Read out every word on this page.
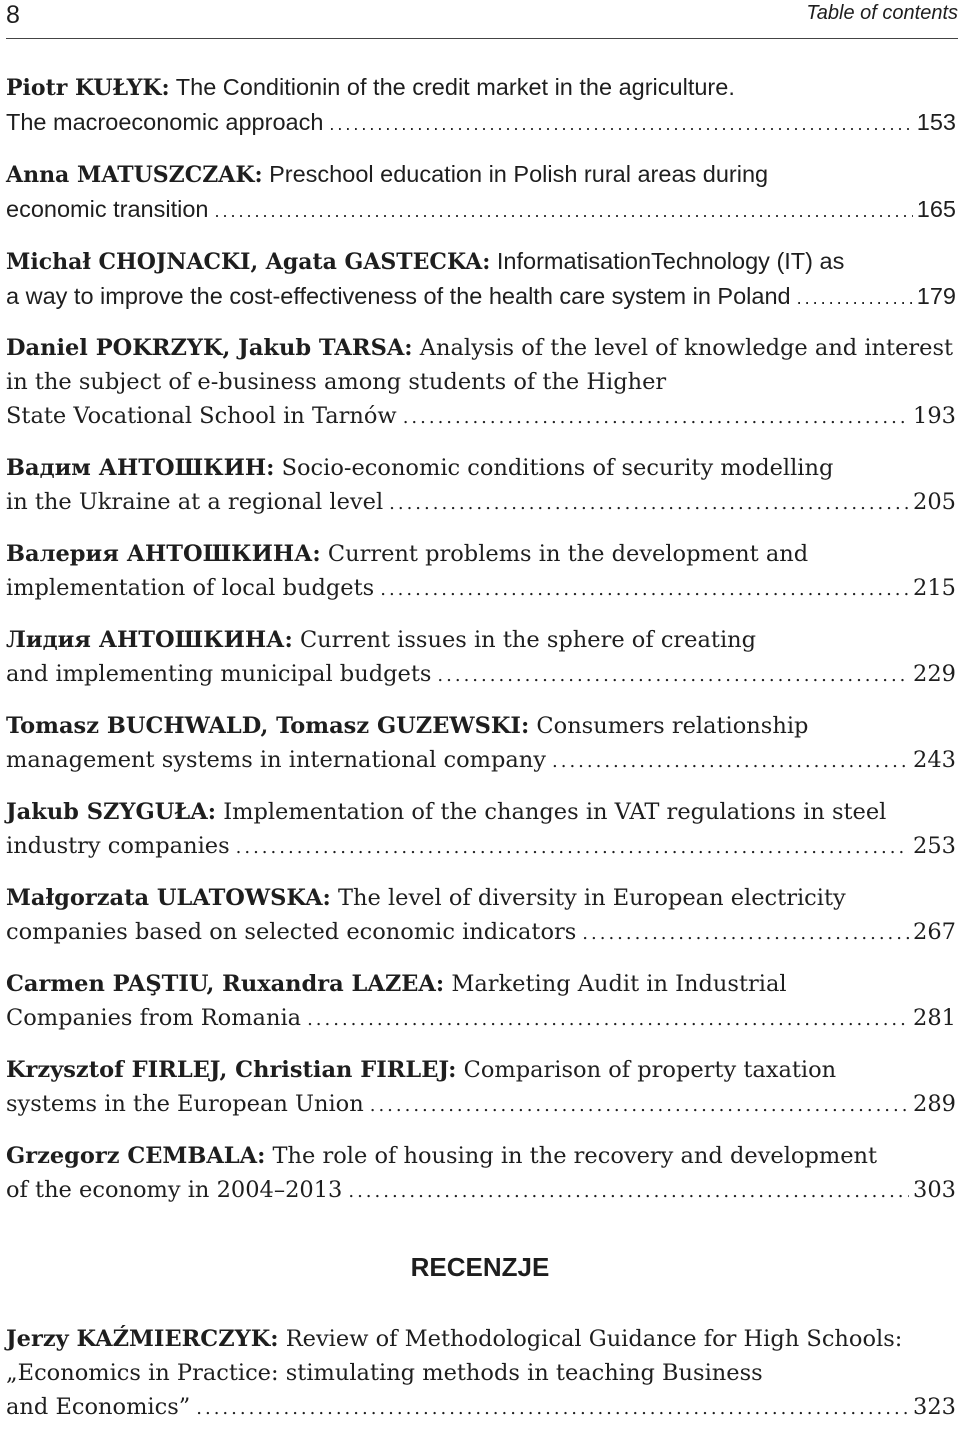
8	Table of contents
Piotr KUŁYK: The Conditionin of the credit market in the agriculture.
The macroeconomic approach .....	153
Anna MATUSZCZAK: Preschool education in Polish rural areas during
economic transition .....	165
Michał CHOJNACKI, Agata GASTECKA: InformatisationTechnology (IT) as
a way to improve the cost-effectiveness of the health care system in Poland .....	179
Daniel POKRZYK, Jakub TARSA: Analysis of the level of knowledge and interest in the subject of e-business among students of the Higher
State Vocational School in Tarnów .....	193
Вадим АНТОШКИН: Socio-economic conditions of security modelling
in the Ukraine at a regional level .....	205
Валерия АНТОШКИНА: Current problems in the development and
implementation of local budgets .....	215
Лидия АНТОШКИНА: Current issues in the sphere of creating
and implementing municipal budgets .....	229
Tomasz BUCHWALD, Tomasz GUZEWSKI: Consumers relationship
management systems in international company .....	243
Jakub SZYGUŁA: Implementation of the changes in VAT regulations in steel
industry companies .....	253
Małgorzata ULATOWSKA: The level of diversity in European electricity
companies based on selected economic indicators .....	267
Carmen PAŞTIU, Ruxandra LAZEA: Marketing Audit in Industrial
Companies from Romania .....	281
Krzysztof FIRLEJ, Christian FIRLEJ: Comparison of property taxation
systems in the European Union .....	289
Grzegorz CEMBALA: The role of housing in the recovery and development
of the economy in 2004–2013 .....	303
RECENZJE
Jerzy KAŹMIERCZYK: Review of Methodological Guidance for High Schools: „Economics in Practice: stimulating methods in teaching Business
and Economics” .....	323
